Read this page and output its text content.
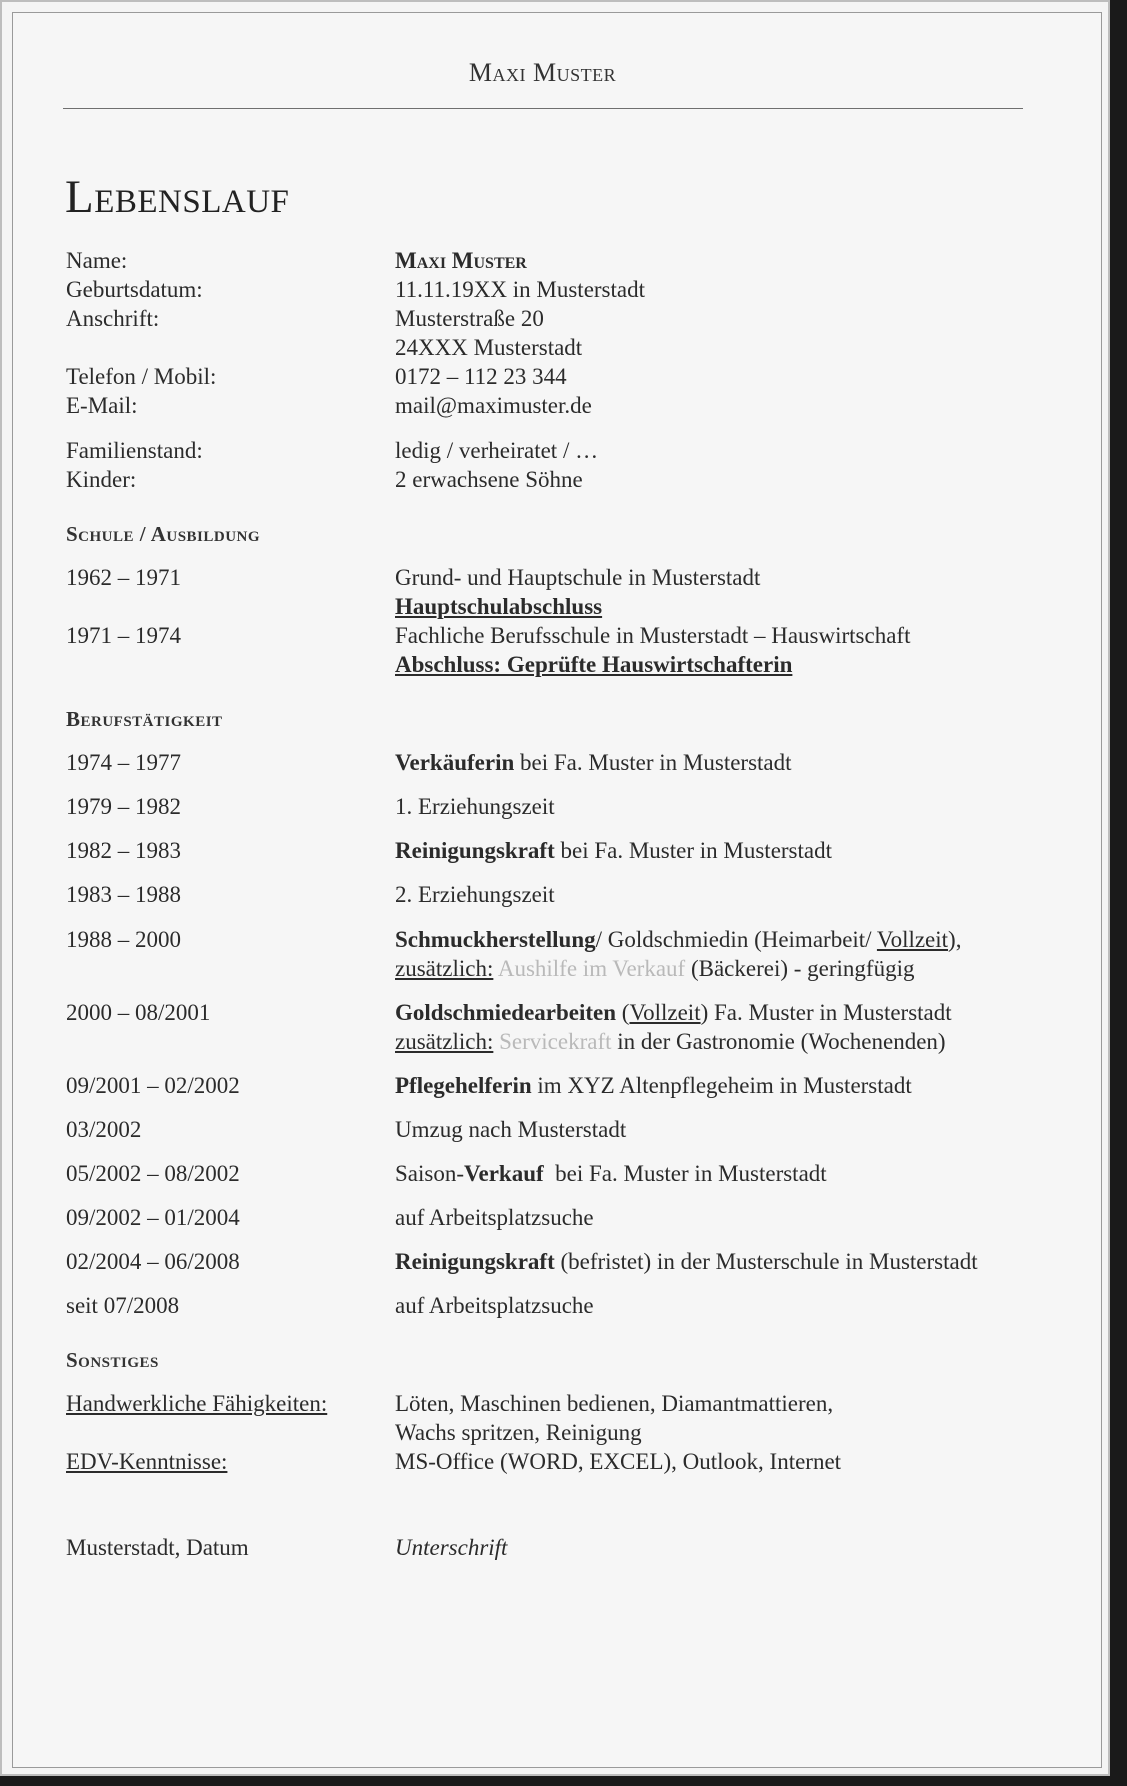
Maxi Muster
Lebenslauf
Name:	Maxi Muster
Geburtsdatum:	11.11.19XX in Musterstadt
Anschrift:	Musterstraße 20
24XXX Musterstadt
Telefon / Mobil:	0172 – 112 23 344
E-Mail:	mail@maximuster.de
Familienstand:	ledig / verheiratet / …
Kinder:	2 erwachsene Söhne
Schule / Ausbildung
1962 – 1971	Grund- und Hauptschule in Musterstadt
Hauptschulabschluss
1971 – 1974	Fachliche Berufsschule in Musterstadt – Hauswirtschaft
Abschluss: Geprüfte Hauswirtschafterin
Berufstätigkeit
1974 – 1977	Verkäuferin bei Fa. Muster in Musterstadt
1979 – 1982	1. Erziehungszeit
1982 – 1983	Reinigungskraft bei Fa. Muster in Musterstadt
1983 – 1988	2. Erziehungszeit
1988 – 2000	Schmuckherstellung/ Goldschmiedin (Heimarbeit/ Vollzeit),
zusätzlich: Aushilfe im Verkauf (Bäckerei) - geringfügig
2000 – 08/2001	Goldschmiedearbeiten (Vollzeit) Fa. Muster in Musterstadt
zusätzlich: Servicekraft in der Gastronomie (Wochenenden)
09/2001 – 02/2002	Pflegehelferin im XYZ Altenpflegeheim in Musterstadt
03/2002	Umzug nach Musterstadt
05/2002 – 08/2002	Saison-Verkauf  bei Fa. Muster in Musterstadt
09/2002 – 01/2004	auf Arbeitsplatzsuche
02/2004 – 06/2008	Reinigungskraft (befristet) in der Musterschule in Musterstadt
seit 07/2008	auf Arbeitsplatzsuche
Sonstiges
Handwerkliche Fähigkeiten:	Löten, Maschinen bedienen, Diamantmattieren,
Wachs spritzen, Reinigung
EDV-Kenntnisse:	MS-Office (WORD, EXCEL), Outlook, Internet
Musterstadt, Datum	Unterschrift
